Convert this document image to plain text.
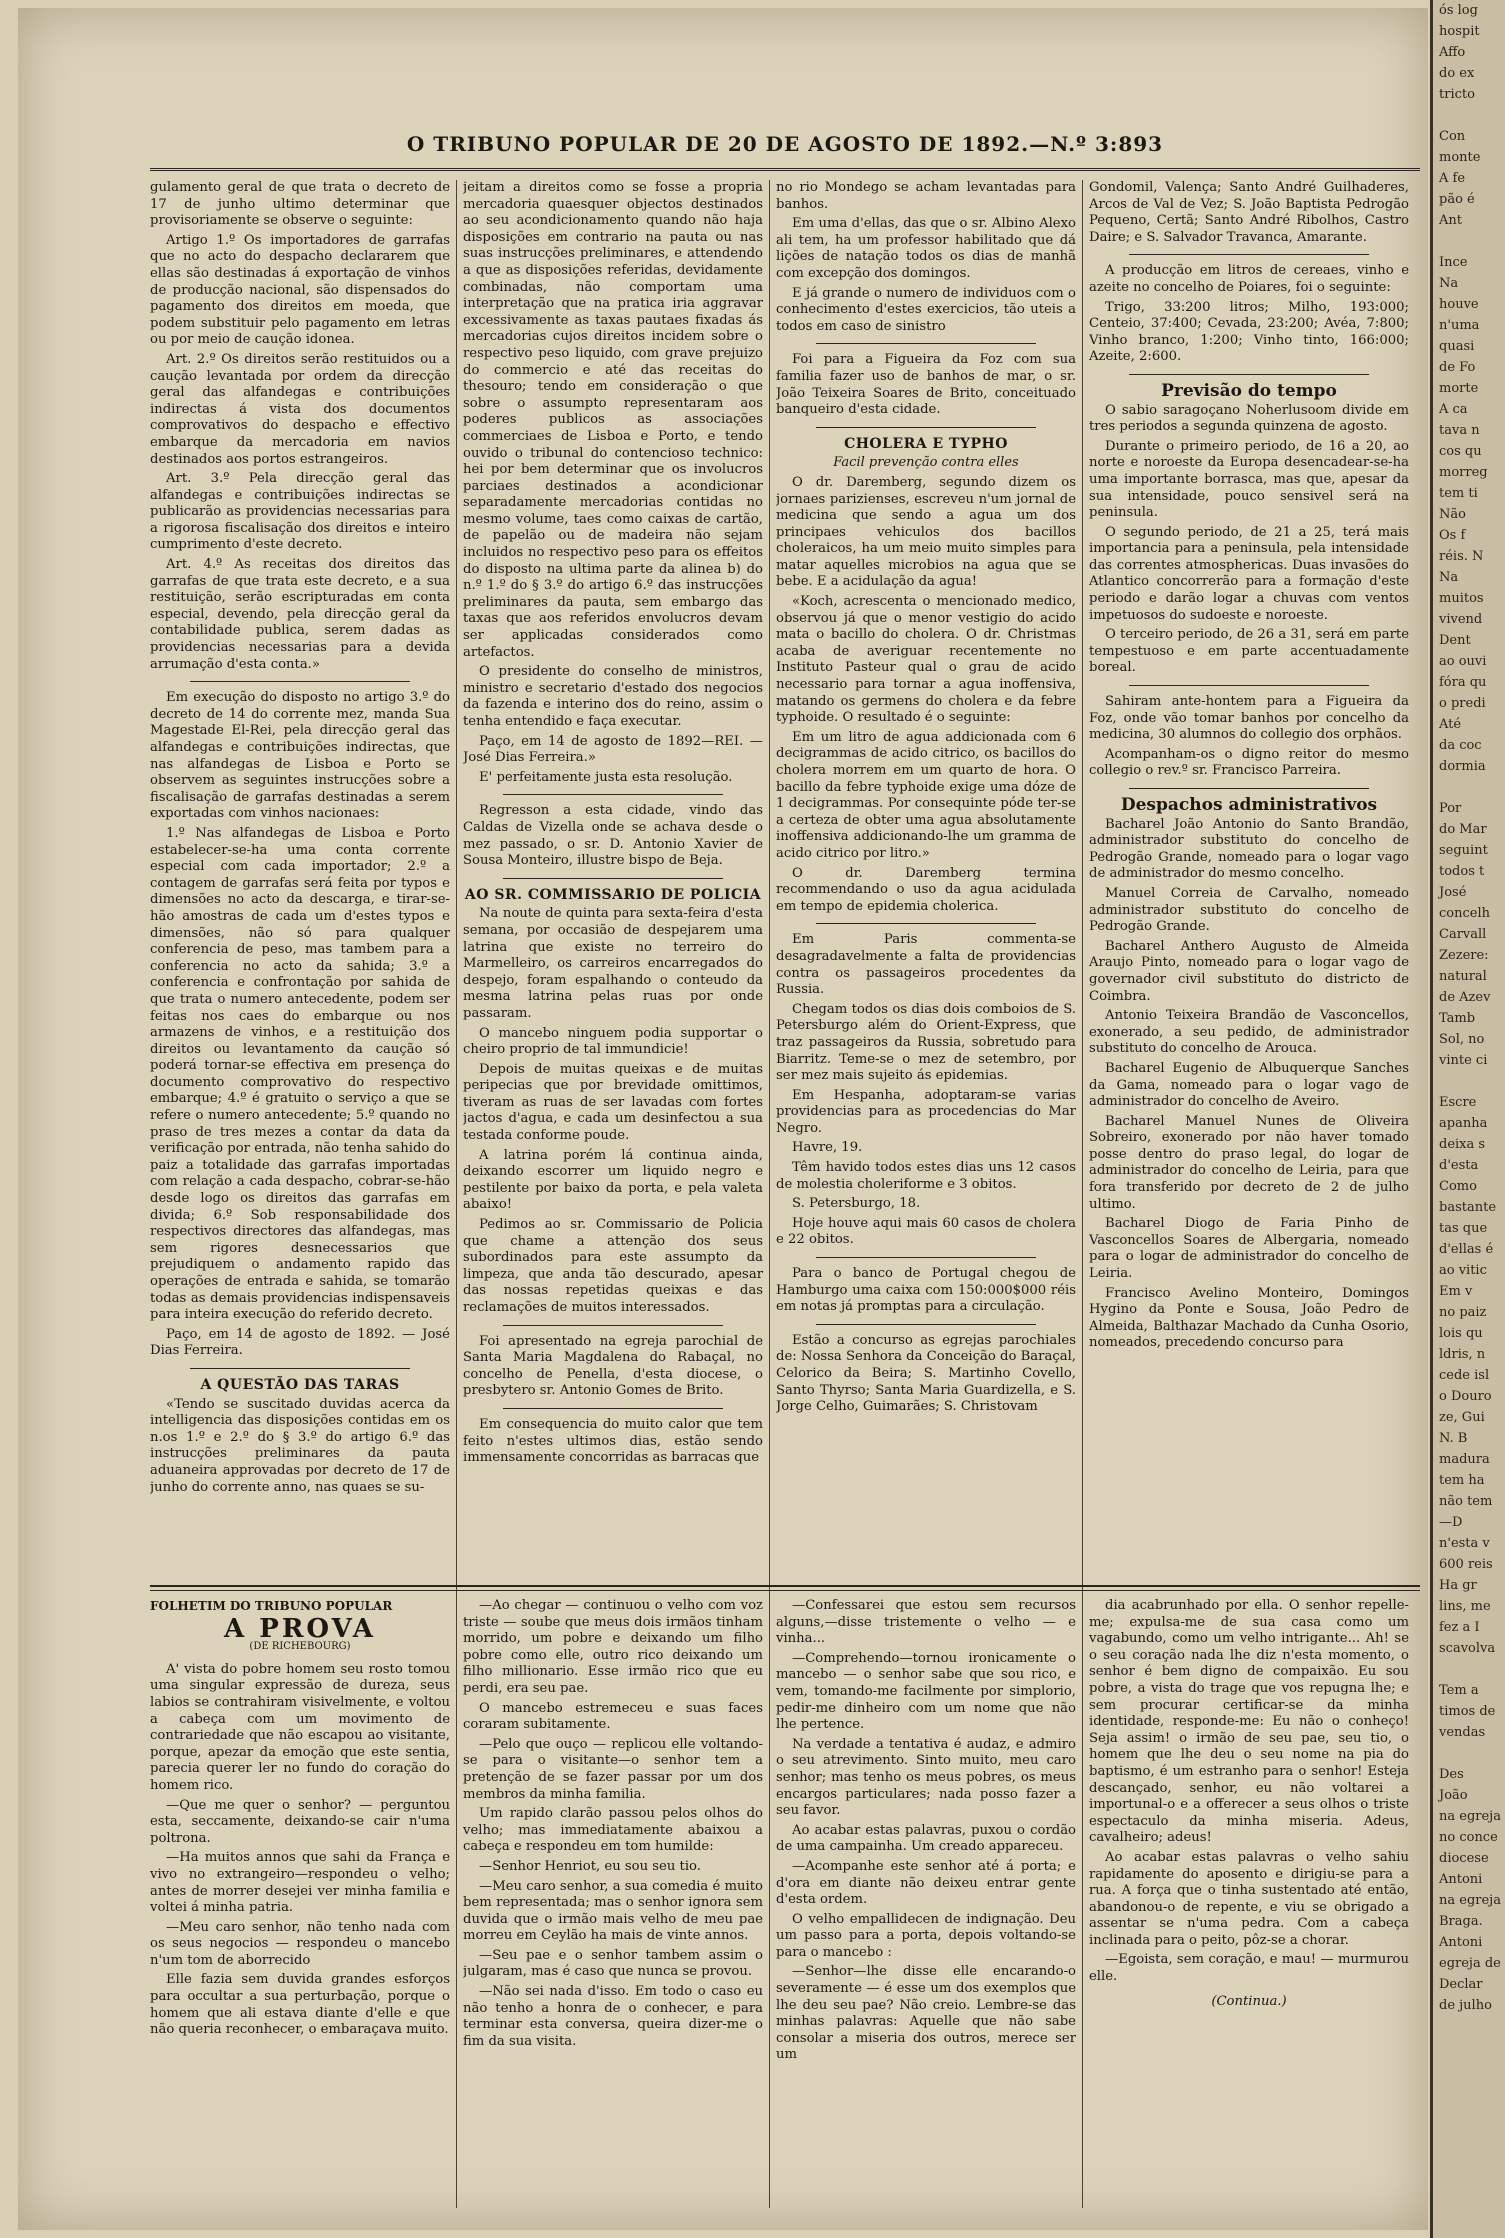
O TRIBUNO POPULAR DE 20 DE AGOSTO DE 1892.—N.º 3:893

gulamento geral de que trata o decreto de 17 de junho ultimo determinar que provisoriamente se observe o seguinte:

Artigo 1.º Os importadores de garrafas que no acto do despacho declararem que ellas são destinadas á exportação de vinhos de producção nacional, são dispensados do pagamento dos direitos em moeda, que podem substituir pelo pagamento em letras ou por meio de caução idonea.

Art. 2.º Os direitos serão restituidos ou a caução levantada por ordem da direcção geral das alfandegas e contribuições indirectas á vista dos documentos comprovativos do despacho e effectivo embarque da mercadoria em navios destinados aos portos estrangeiros.

Art. 3.º Pela direcção geral das alfandegas e contribuições indirectas se publicarão as providencias necessarias para a rigorosa fiscalisação dos direitos e inteiro cumprimento d'este decreto.

Art. 4.º As receitas dos direitos das garrafas de que trata este decreto, e a sua restituição, serão escripturadas em conta especial, devendo, pela direcção geral da contabilidade publica, serem dadas as providencias necessarias para a devida arrumação d'esta conta.»

Em execução do disposto no artigo 3.º do decreto de 14 do corrente mez, manda Sua Magestade El-Rei, pela direcção geral das alfandegas e contribuições indirectas, que nas alfandegas de Lisboa e Porto se observem as seguintes instrucções sobre a fiscalisação de garrafas destinadas a serem exportadas com vinhos nacionaes:

1.º Nas alfandegas de Lisboa e Porto estabelecer-se-ha uma conta corrente especial com cada importador; 2.º a contagem de garrafas será feita por typos e dimensões no acto da descarga, e tirar-se-hão amostras de cada um d'estes typos e dimensões, não só para qualquer conferencia de peso, mas tambem para a conferencia no acto da sahida; 3.º a conferencia e confrontação por sahida de que trata o numero antecedente, podem ser feitas nos caes do embarque ou nos armazens de vinhos, e a restituição dos direitos ou levantamento da caução só poderá tornar-se effectiva em presença do documento comprovativo do respectivo embarque; 4.º é gratuito o serviço a que se refere o numero antecedente; 5.º quando no praso de tres mezes a contar da data da verificação por entrada, não tenha sahido do paiz a totalidade das garrafas importadas com relação a cada despacho, cobrar-se-hão desde logo os direitos das garrafas em divida; 6.º Sob responsabilidade dos respectivos directores das alfandegas, mas sem rigores desnecessarios que prejudiquem o andamento rapido das operações de entrada e sahida, se tomarão todas as demais providencias indispensaveis para inteira execução do referido decreto.

Paço, em 14 de agosto de 1892. — José Dias Ferreira.

A QUESTÃO DAS TARAS

«Tendo se suscitado duvidas acerca da intelligencia das disposições contidas em os n.os 1.º e 2.º do § 3.º do artigo 6.º das instrucções preliminares da pauta aduaneira approvadas por decreto de 17 de junho do corrente anno, nas quaes se su-

jeitam a direitos como se fosse a propria mercadoria quaesquer objectos destinados ao seu acondicionamento quando não haja disposições em contrario na pauta ou nas suas instrucções preliminares, e attendendo a que as disposições referidas, devidamente combinadas, não comportam uma interpretação que na pratica iria aggravar excessivamente as taxas pautaes fixadas ás mercadorias cujos direitos incidem sobre o respectivo peso liquido, com grave prejuizo do commercio e até das receitas do thesouro; tendo em consideração o que sobre o assumpto representaram aos poderes publicos as associações commerciaes de Lisboa e Porto, e tendo ouvido o tribunal do contencioso technico: hei por bem determinar que os involucros parciaes destinados a acondicionar separadamente mercadorias contidas no mesmo volume, taes como caixas de cartão, de papelão ou de madeira não sejam incluidos no respectivo peso para os effeitos do disposto na ultima parte da alinea b) do n.º 1.º do § 3.º do artigo 6.º das instrucções preliminares da pauta, sem embargo das taxas que aos referidos envolucros devam ser applicadas considerados como artefactos.

O presidente do conselho de ministros, ministro e secretario d'estado dos negocios da fazenda e interino dos do reino, assim o tenha entendido e faça executar.

Paço, em 14 de agosto de 1892—REI. — José Dias Ferreira.»

E' perfeitamente justa esta resolução.

Regresson a esta cidade, vindo das Caldas de Vizella onde se achava desde o mez passado, o sr. D. Antonio Xavier de Sousa Monteiro, illustre bispo de Beja.

AO SR. COMMISSARIO DE POLICIA

Na noute de quinta para sexta-feira d'esta semana, por occasião de despejarem uma latrina que existe no terreiro do Marmelleiro, os carreiros encarregados do despejo, foram espalhando o conteudo da mesma latrina pelas ruas por onde passaram.

O mancebo ninguem podia supportar o cheiro proprio de tal immundicie!

Depois de muitas queixas e de muitas peripecias que por brevidade omittimos, tiveram as ruas de ser lavadas com fortes jactos d'agua, e cada um desinfectou a sua testada conforme poude.

A latrina porém lá continua ainda, deixando escorrer um liquido negro e pestilente por baixo da porta, e pela valeta abaixo!

Pedimos ao sr. Commissario de Policia que chame a attenção dos seus subordinados para este assumpto da limpeza, que anda tão descurado, apesar das nossas repetidas queixas e das reclamações de muitos interessados.

Foi apresentado na egreja parochial de Santa Maria Magdalena do Rabaçal, no concelho de Penella, d'esta diocese, o presbytero sr. Antonio Gomes de Brito.

Em consequencia do muito calor que tem feito n'estes ultimos dias, estão sendo immensamente concorridas as barracas que

no rio Mondego se acham levantadas para banhos.

Em uma d'ellas, das que o sr. Albino Alexo ali tem, ha um professor habilitado que dá lições de natação todos os dias de manhã com excepção dos domingos.

E já grande o numero de individuos com o conhecimento d'estes exercicios, tão uteis a todos em caso de sinistro

Foi para a Figueira da Foz com sua familia fazer uso de banhos de mar, o sr. João Teixeira Soares de Brito, conceituado banqueiro d'esta cidade.

CHOLERA E TYPHO

Facil prevenção contra elles

O dr. Daremberg, segundo dizem os jornaes parizienses, escreveu n'um jornal de medicina que sendo a agua um dos principaes vehiculos dos bacillos choleraicos, ha um meio muito simples para matar aquelles microbios na agua que se bebe. E a acidulação da agua!

«Koch, acrescenta o mencionado medico, observou já que o menor vestigio do acido mata o bacillo do cholera. O dr. Christmas acaba de averiguar recentemente no Instituto Pasteur qual o grau de acido necessario para tornar a agua inoffensiva, matando os germens do cholera e da febre typhoide. O resultado é o seguinte:

Em um litro de agua addicionada com 6 decigrammas de acido citrico, os bacillos do cholera morrem em um quarto de hora. O bacillo da febre typhoide exige uma dóze de 1 decigrammas. Por consequinte póde ter-se a certeza de obter uma agua absolutamente inoffensiva addicionando-lhe um gramma de acido citrico por litro.»

O dr. Daremberg termina recommendando o uso da agua acidulada em tempo de epidemia cholerica.

Em Paris commenta-se desagradavelmente a falta de providencias contra os passageiros procedentes da Russia.

Chegam todos os dias dois comboios de S. Petersburgo além do Orient-Express, que traz passageiros da Russia, sobretudo para Biarritz. Teme-se o mez de setembro, por ser mez mais sujeito ás epidemias.

Em Hespanha, adoptaram-se varias providencias para as procedencias do Mar Negro.

Havre, 19.

Têm havido todos estes dias uns 12 casos de molestia choleriforme e 3 obitos.

S. Petersburgo, 18.

Hoje houve aqui mais 60 casos de cholera e 22 obitos.

Para o banco de Portugal chegou de Hamburgo uma caixa com 150:000$000 réis em notas já promptas para a circulação.

Estão a concurso as egrejas parochiales de: Nossa Senhora da Conceição do Baraçal, Celorico da Beira; S. Martinho Covello, Santo Thyrso; Santa Maria Guardizella, e S. Jorge Celho, Guimarães; S. Christovam

Gondomil, Valença; Santo André Guilhaderes, Arcos de Val de Vez; S. João Baptista Pedrogão Pequeno, Certã; Santo André Ribolhos, Castro Daire; e S. Salvador Travanca, Amarante.

A producção em litros de cereaes, vinho e azeite no concelho de Poiares, foi o seguinte:

Trigo, 33:200 litros; Milho, 193:000; Centeio, 37:400; Cevada, 23:200; Avéa, 7:800; Vinho branco, 1:200; Vinho tinto, 166:000; Azeite, 2:600.

Previsão do tempo

O sabio saragoçano Noherlusoom divide em tres periodos a segunda quinzena de agosto.

Durante o primeiro periodo, de 16 a 20, ao norte e noroeste da Europa desencadear-se-ha uma importante borrasca, mas que, apesar da sua intensidade, pouco sensivel será na peninsula.

O segundo periodo, de 21 a 25, terá mais importancia para a peninsula, pela intensidade das correntes atmosphericas. Duas invasões do Atlantico concorrerão para a formação d'este periodo e darão logar a chuvas com ventos impetuosos do sudoeste e noroeste.

O terceiro periodo, de 26 a 31, será em parte tempestuoso e em parte accentuadamente boreal.

Sahiram ante-hontem para a Figueira da Foz, onde vão tomar banhos por concelho da medicina, 30 alumnos do collegio dos orphãos.

Acompanham-os o digno reitor do mesmo collegio o rev.º sr. Francisco Parreira.

Despachos administrativos

Bacharel João Antonio do Santo Brandão, administrador substituto do concelho de Pedrogão Grande, nomeado para o logar vago de administrador do mesmo concelho.

Manuel Correia de Carvalho, nomeado administrador substituto do concelho de Pedrogão Grande.

Bacharel Anthero Augusto de Almeida Araujo Pinto, nomeado para o logar vago de governador civil substituto do districto de Coimbra.

Antonio Teixeira Brandão de Vasconcellos, exonerado, a seu pedido, de administrador substituto do concelho de Arouca.

Bacharel Eugenio de Albuquerque Sanches da Gama, nomeado para o logar vago de administrador do concelho de Aveiro.

Bacharel Manuel Nunes de Oliveira Sobreiro, exonerado por não haver tomado posse dentro do praso legal, do logar de administrador do concelho de Leiria, para que fora transferido por decreto de 2 de julho ultimo.

Bacharel Diogo de Faria Pinho de Vasconcellos Soares de Albergaria, nomeado para o logar de administrador do concelho de Leiria.

Francisco Avelino Monteiro, Domingos Hygino da Ponte e Sousa, João Pedro de Almeida, Balthazar Machado da Cunha Osorio, nomeados, precedendo concurso para

FOLHETIM DO TRIBUNO POPULAR

A PROVA

(DE RICHEBOURG)

A' vista do pobre homem seu rosto tomou uma singular expressão de dureza, seus labios se contrahiram visivelmente, e voltou a cabeça com um movimento de contrariedade que não escapou ao visitante, porque, apezar da emoção que este sentia, parecia querer ler no fundo do coração do homem rico.

—Que me quer o senhor? — perguntou esta, seccamente, deixando-se cair n'uma poltrona.

—Ha muitos annos que sahi da França e vivo no extrangeiro—respondeu o velho; antes de morrer desejei ver minha familia e voltei á minha patria.

—Meu caro senhor, não tenho nada com os seus negocios — respondeu o mancebo n'um tom de aborrecido

Elle fazia sem duvida grandes esforços para occultar a sua perturbação, porque o homem que ali estava diante d'elle e que não queria reconhecer, o embaraçava muito.

—Ao chegar — continuou o velho com voz triste — soube que meus dois irmãos tinham morrido, um pobre e deixando um filho pobre como elle, outro rico deixando um filho millionario. Esse irmão rico que eu perdi, era seu pae.

O mancebo estremeceu e suas faces coraram subitamente.

—Pelo que ouço — replicou elle voltando-se para o visitante—o senhor tem a pretenção de se fazer passar por um dos membros da minha familia.

Um rapido clarão passou pelos olhos do velho; mas immediatamente abaixou a cabeça e respondeu em tom humilde:

—Senhor Henriot, eu sou seu tio.

—Meu caro senhor, a sua comedia é muito bem representada; mas o senhor ignora sem duvida que o irmão mais velho de meu pae morreu em Ceylão ha mais de vinte annos.

—Seu pae e o senhor tambem assim o julgaram, mas é caso que nunca se provou.

—Não sei nada d'isso. Em todo o caso eu não tenho a honra de o conhecer, e para terminar esta conversa, queira dizer-me o fim da sua visita.

—Confessarei que estou sem recursos alguns,—disse tristemente o velho — e vinha...

—Comprehendo—tornou ironicamente o mancebo — o senhor sabe que sou rico, e vem, tomando-me facilmente por simplorio, pedir-me dinheiro com um nome que não lhe pertence.

Na verdade a tentativa é audaz, e admiro o seu atrevimento. Sinto muito, meu caro senhor; mas tenho os meus pobres, os meus encargos particulares; nada posso fazer a seu favor.

Ao acabar estas palavras, puxou o cordão de uma campainha. Um creado appareceu.

—Acompanhe este senhor até á porta; e d'ora em diante não deixeu entrar gente d'esta ordem.

O velho empallidecen de indignação. Deu um passo para a porta, depois voltando-se para o mancebo :

—Senhor—lhe disse elle encarando-o severamente — é esse um dos exemplos que lhe deu seu pae? Não creio. Lembre-se das minhas palavras: Aquelle que não sabe consolar a miseria dos outros, merece ser um

dia acabrunhado por ella. O senhor repelle-me; expulsa-me de sua casa como um vagabundo, como um velho intrigante... Ah! se o seu coração nada lhe diz n'esta momento, o senhor é bem digno de compaixão. Eu sou pobre, a vista do trage que vos repugna lhe; e sem procurar certificar-se da minha identidade, responde-me: Eu não o conheço! Seja assim! o irmão de seu pae, seu tio, o homem que lhe deu o seu nome na pia do baptismo, é um estranho para o senhor! Esteja descançado, senhor, eu não voltarei a importunal-o e a offerecer a seus olhos o triste espectaculo da minha miseria. Adeus, cavalheiro; adeus!

Ao acabar estas palavras o velho sahiu rapidamente do aposento e dirigiu-se para a rua. A força que o tinha sustentado até então, abandonou-o de repente, e viu se obrigado a assentar se n'uma pedra. Com a cabeça inclinada para o peito, pôz-se a chorar.

—Egoista, sem coração, e mau! — murmurou elle.

(Continua.)

ós log
hospit
Affo
do ex
tricto

Con
monte
A fe
pão é
Ant

Ince
Na
houve
n'uma
quasi
de Fo
morte
A ca
tava n
cos qu
morreg
tem ti
Não
Os f
réis. N
Na
muitos
vivend
Dent
ao ouvi
fóra qu
o predi
Até
da coc
dormia

Por
do Mar
seguint
todos t
José
concelh
Carvall
Zezere:
natural
de Azev
Tamb
Sol, no
vinte ci

Escre
apanha
deixa s
d'esta
Como
bastante
tas que
d'ellas é
ao vitic
Em v
no paiz
lois qu
ldris, n
cede isl
o Douro
ze, Gui
N. B
madura
tem ha
não tem
—D
n'esta v
600 reis
Ha gr
lins, me
fez a I
scavolva

Tem a
timos de
vendas

Des
João
na egreja
no conce
diocese
Antoni
na egreja
Braga.
Antoni
egreja de
Declar
de julho
